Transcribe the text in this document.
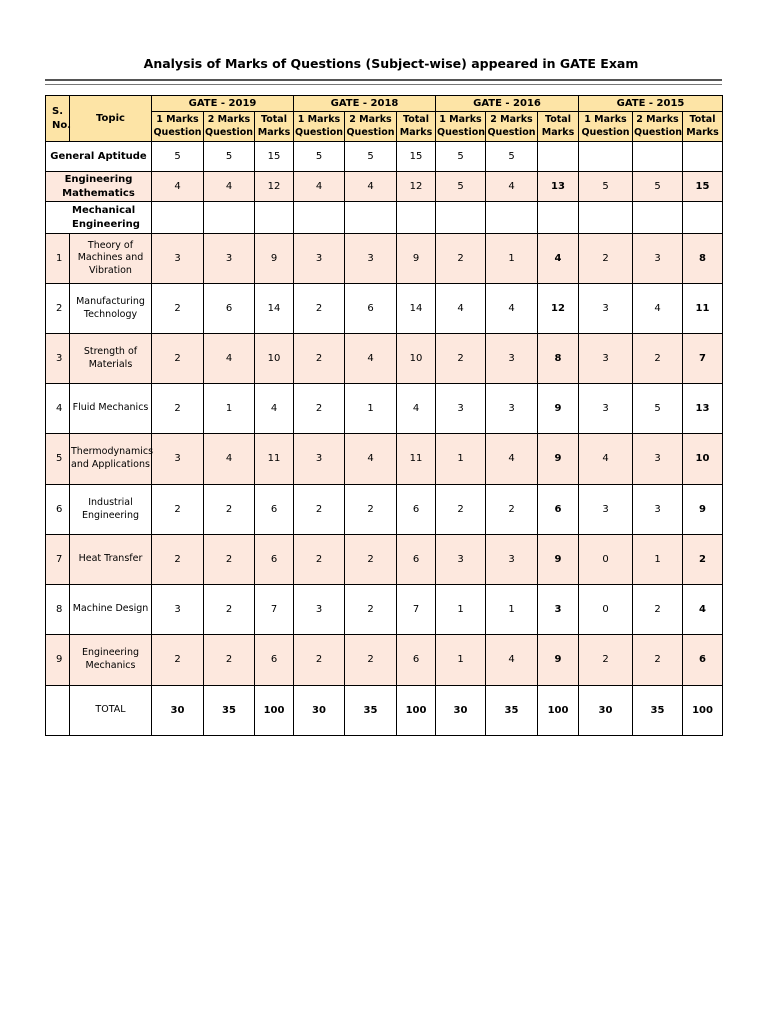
Analysis of Marks of Questions (Subject-wise) appeared in GATE Exam
S. No.	Topic	GATE - 2019			GATE - 2018			GATE - 2016			GATE - 2015		
		1 Marks Question	2 Marks Question	Total Marks	1 Marks Question	2 Marks Question	Total Marks	1 Marks Question	2 Marks Question	Total Marks	1 Marks Question	2 Marks Question	Total Marks
General Aptitude		5	5	15	5	5	15	5	5				
Engineering Mathematics		4	4	12	4	4	12	5	4	13	5	5	15
Mechanical Engineering													
1	Theory of Machines and Vibration	3	3	9	3	3	9	2	1	4	2	3	8
2	Manufacturing Technology	2	6	14	2	6	14	4	4	12	3	4	11
3	Strength of Materials	2	4	10	2	4	10	2	3	8	3	2	7
4	Fluid Mechanics	2	1	4	2	1	4	3	3	9	3	5	13
5	Thermodynamics and Applications	3	4	11	3	4	11	1	4	9	4	3	10
6	Industrial Engineering	2	2	6	2	2	6	2	2	6	3	3	9
7	Heat Transfer	2	2	6	2	2	6	3	3	9	0	1	2
8	Machine Design	3	2	7	3	2	7	1	1	3	0	2	4
9	Engineering Mechanics	2	2	6	2	2	6	1	4	9	2	2	6
	TOTAL	30	35	100	30	35	100	30	35	100	30	35	100
